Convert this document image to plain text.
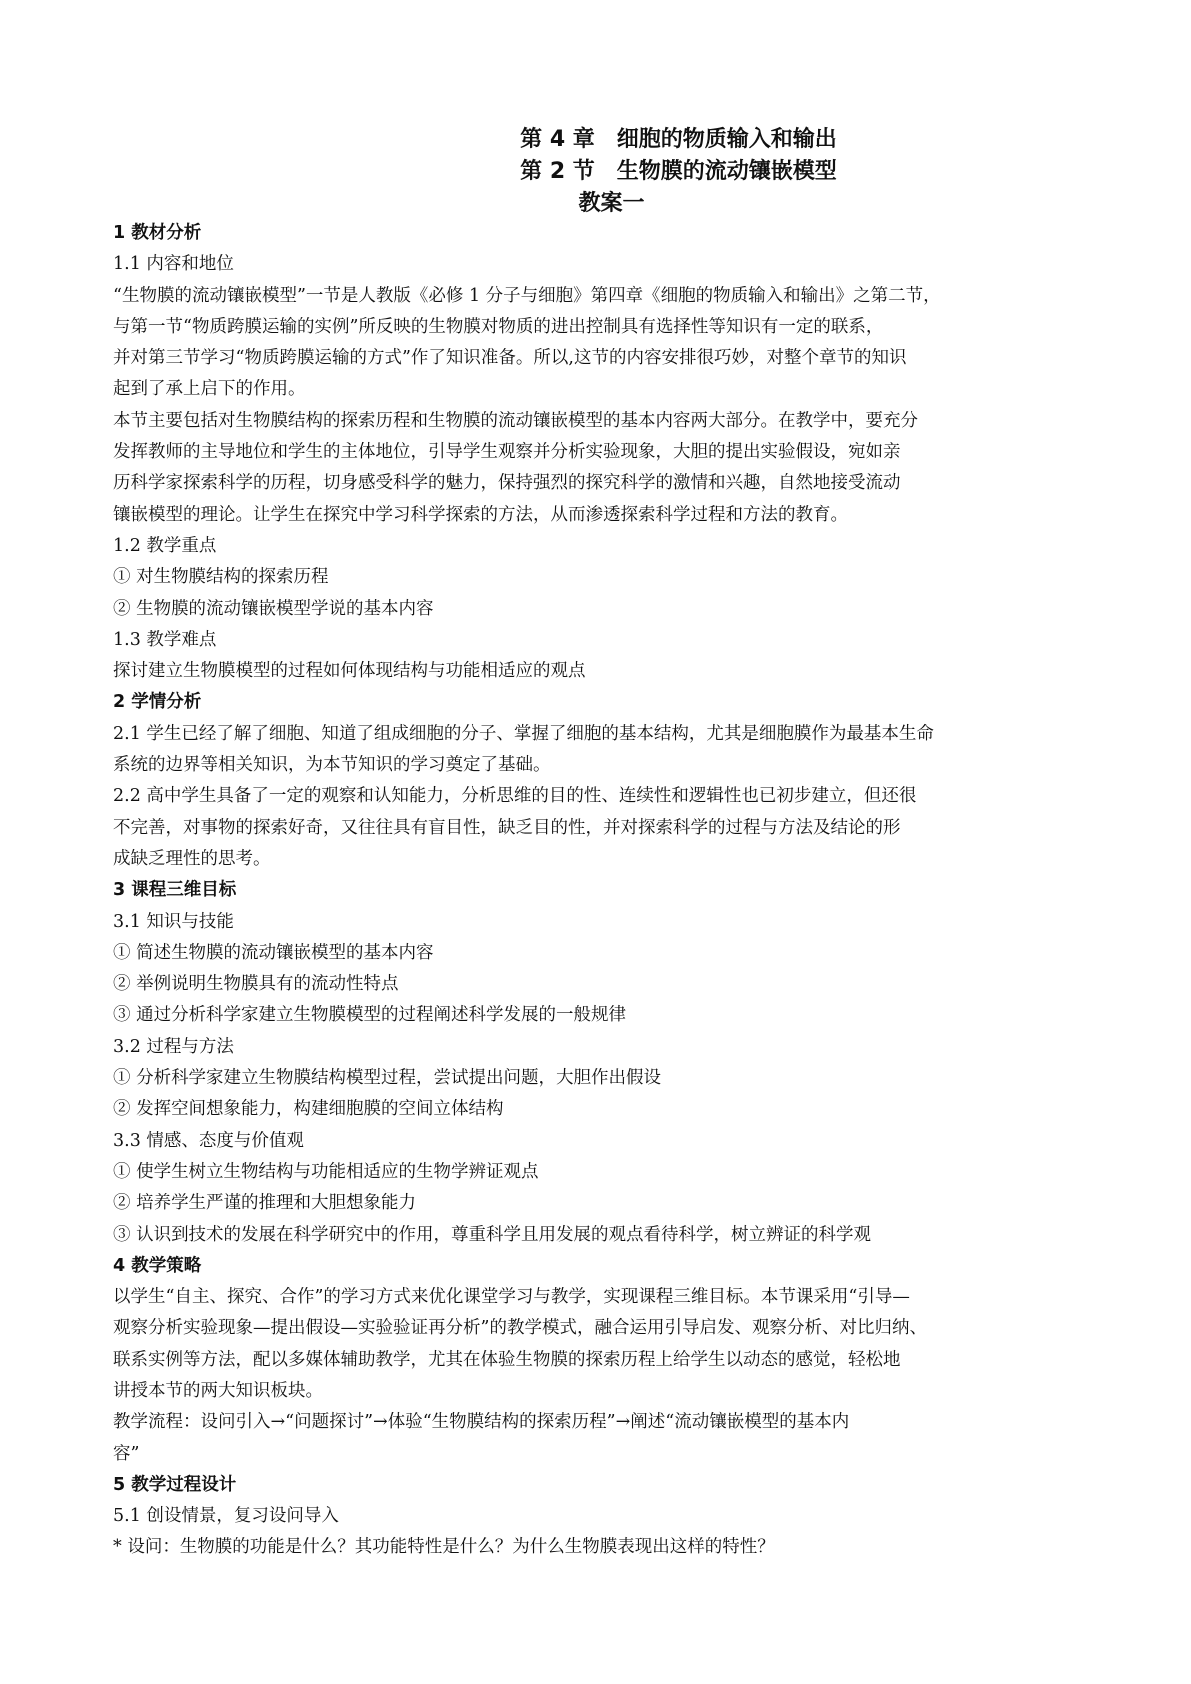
第 4 章　细胞的物质输入和输出
第 2 节　生物膜的流动镶嵌模型
教案一
1 教材分析
1.1 内容和地位
“生物膜的流动镶嵌模型”一节是人教版《必修 1 分子与细胞》第四章《细胞的物质输入和输出》之第二节，
与第一节“物质跨膜运输的实例”所反映的生物膜对物质的进出控制具有选择性等知识有一定的联系，
并对第三节学习“物质跨膜运输的方式”作了知识准备。所以,这节的内容安排很巧妙，对整个章节的知识
起到了承上启下的作用。
本节主要包括对生物膜结构的探索历程和生物膜的流动镶嵌模型的基本内容两大部分。在教学中，要充分
发挥教师的主导地位和学生的主体地位，引导学生观察并分析实验现象，大胆的提出实验假设，宛如亲
历科学家探索科学的历程，切身感受科学的魅力，保持强烈的探究科学的激情和兴趣，自然地接受流动
镶嵌模型的理论。让学生在探究中学习科学探索的方法，从而渗透探索科学过程和方法的教育。
1.2 教学重点
① 对生物膜结构的探索历程
② 生物膜的流动镶嵌模型学说的基本内容
1.3 教学难点
探讨建立生物膜模型的过程如何体现结构与功能相适应的观点
2 学情分析
2.1 学生已经了解了细胞、知道了组成细胞的分子、掌握了细胞的基本结构，尤其是细胞膜作为最基本生命
系统的边界等相关知识，为本节知识的学习奠定了基础。
2.2 高中学生具备了一定的观察和认知能力，分析思维的目的性、连续性和逻辑性也已初步建立，但还很
不完善，对事物的探索好奇，又往往具有盲目性，缺乏目的性，并对探索科学的过程与方法及结论的形
成缺乏理性的思考。
3 课程三维目标
3.1 知识与技能
① 简述生物膜的流动镶嵌模型的基本内容
② 举例说明生物膜具有的流动性特点
③ 通过分析科学家建立生物膜模型的过程阐述科学发展的一般规律
3.2 过程与方法
① 分析科学家建立生物膜结构模型过程，尝试提出问题，大胆作出假设
② 发挥空间想象能力，构建细胞膜的空间立体结构
3.3 情感、态度与价值观
① 使学生树立生物结构与功能相适应的生物学辨证观点
② 培养学生严谨的推理和大胆想象能力
③ 认识到技术的发展在科学研究中的作用，尊重科学且用发展的观点看待科学，树立辨证的科学观
4 教学策略
以学生“自主、探究、合作”的学习方式来优化课堂学习与教学，实现课程三维目标。本节课采用“引导—
观察分析实验现象—提出假设—实验验证再分析”的教学模式，融合运用引导启发、观察分析、对比归纳、
联系实例等方法，配以多媒体辅助教学，尤其在体验生物膜的探索历程上给学生以动态的感觉，轻松地
讲授本节的两大知识板块。
教学流程：设问引入→“问题探讨”→体验“生物膜结构的探索历程”→阐述“流动镶嵌模型的基本内
容”
5 教学过程设计
5.1 创设情景，复习设问导入
* 设问：生物膜的功能是什么？其功能特性是什么？为什么生物膜表现出这样的特性？
